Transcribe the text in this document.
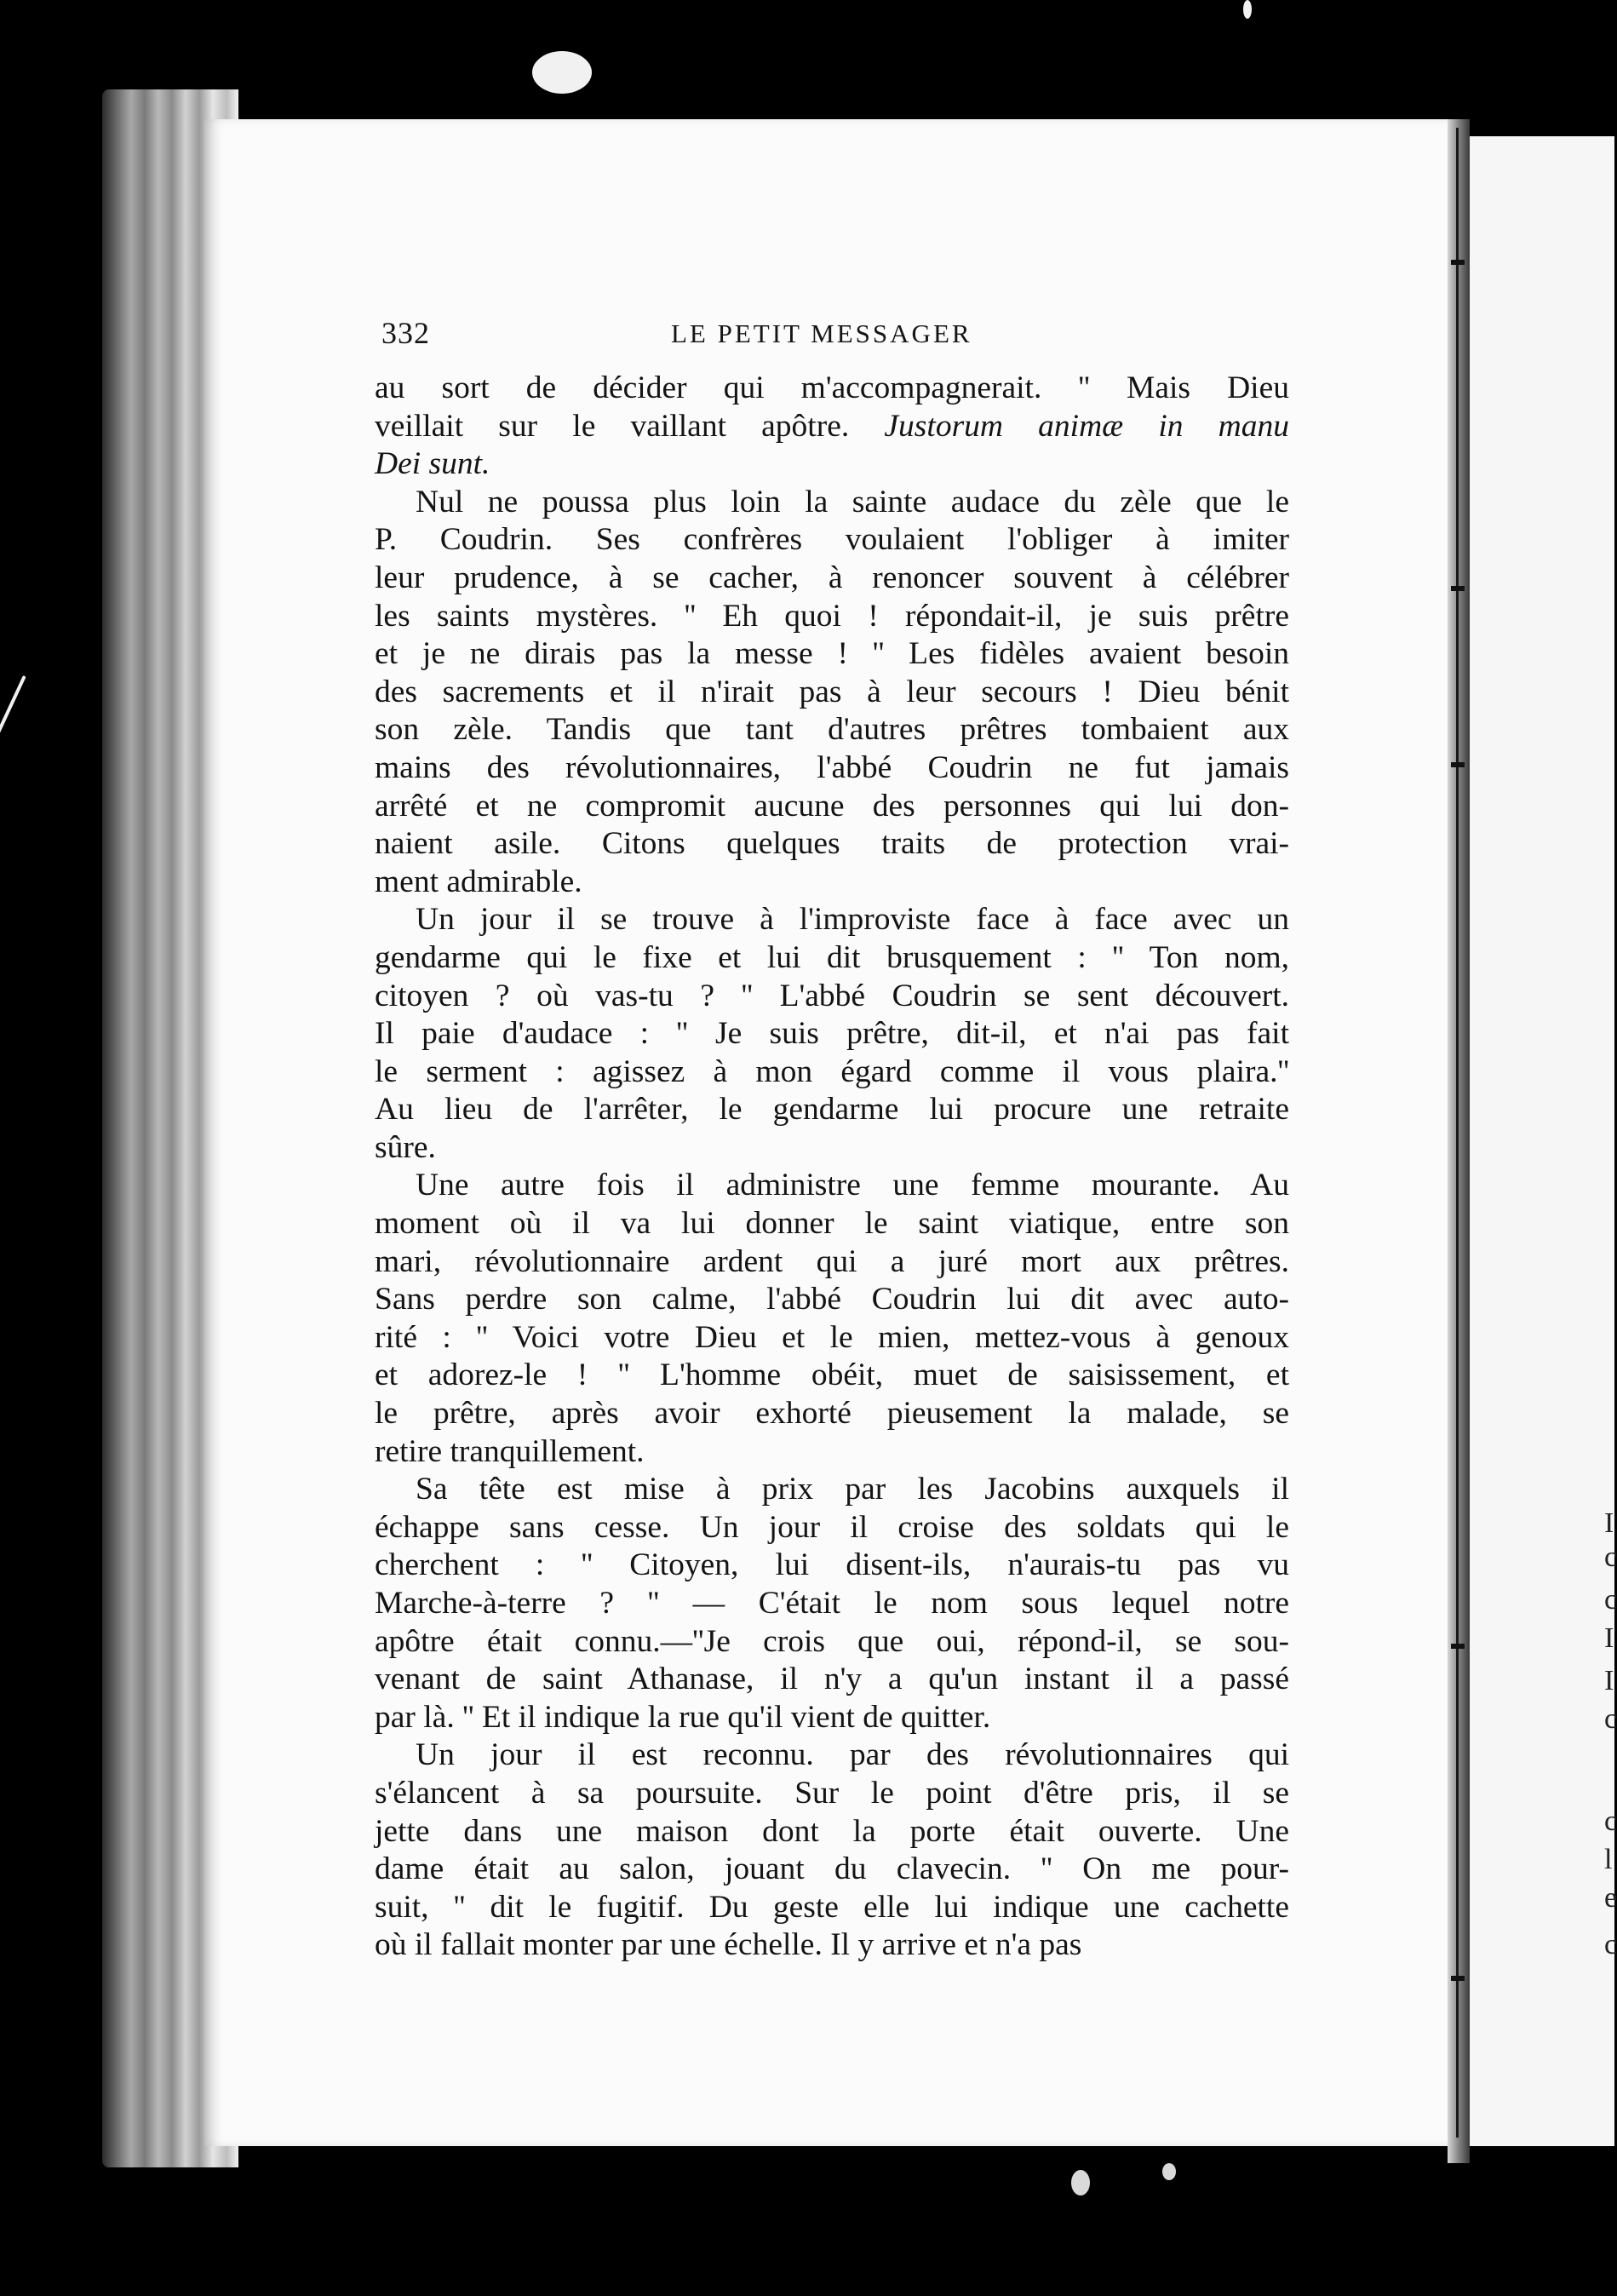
I
c
c
I
I
c
c
l
e
c
332	LE PETIT MESSAGER
au sort de décider qui m'accompagnerait. '' Mais Dieu
veillait sur le vaillant apôtre. Justorum animæ in manu
Dei sunt.
Nul ne poussa plus loin la sainte audace du zèle que le
P. Coudrin. Ses confrères voulaient l'obliger à imiter
leur prudence, à se cacher, à renoncer souvent à célébrer
les saints mystères. '' Eh quoi ! répondait-il, je suis prêtre
et je ne dirais pas la messe ! '' Les fidèles avaient besoin
des sacrements et il n'irait pas à leur secours ! Dieu bénit
son zèle. Tandis que tant d'autres prêtres tombaient aux
mains des révolutionnaires, l'abbé Coudrin ne fut jamais
arrêté et ne compromit aucune des personnes qui lui don-
naient asile. Citons quelques traits de protection vrai-
ment admirable.
Un jour il se trouve à l'improviste face à face avec un
gendarme qui le fixe et lui dit brusquement : '' Ton nom,
citoyen ? où vas-tu ? '' L'abbé Coudrin se sent découvert.
Il paie d'audace : '' Je suis prêtre, dit-il, et n'ai pas fait
le serment : agissez à mon égard comme il vous plaira.''
Au lieu de l'arrêter, le gendarme lui procure une retraite
sûre.
Une autre fois il administre une femme mourante. Au
moment où il va lui donner le saint viatique, entre son
mari, révolutionnaire ardent qui a juré mort aux prêtres.
Sans perdre son calme, l'abbé Coudrin lui dit avec auto-
rité : '' Voici votre Dieu et le mien, mettez-vous à genoux
et adorez-le ! '' L'homme obéit, muet de saisissement, et
le prêtre, après avoir exhorté pieusement la malade, se
retire tranquillement.
Sa tête est mise à prix par les Jacobins auxquels il
échappe sans cesse. Un jour il croise des soldats qui le
cherchent : '' Citoyen, lui disent-ils, n'aurais-tu pas vu
Marche-à-terre ? '' — C'était le nom sous lequel notre
apôtre était connu.—''Je crois que oui, répond-il, se sou-
venant de saint Athanase, il n'y a qu'un instant il a passé
par là. '' Et il indique la rue qu'il vient de quitter.
Un jour il est reconnu. par des révolutionnaires qui
s'élancent à sa poursuite. Sur le point d'être pris, il se
jette dans une maison dont la porte était ouverte. Une
dame était au salon, jouant du clavecin. '' On me pour-
suit, '' dit le fugitif. Du geste elle lui indique une cachette
où il fallait monter par une échelle. Il y arrive et n'a pas
